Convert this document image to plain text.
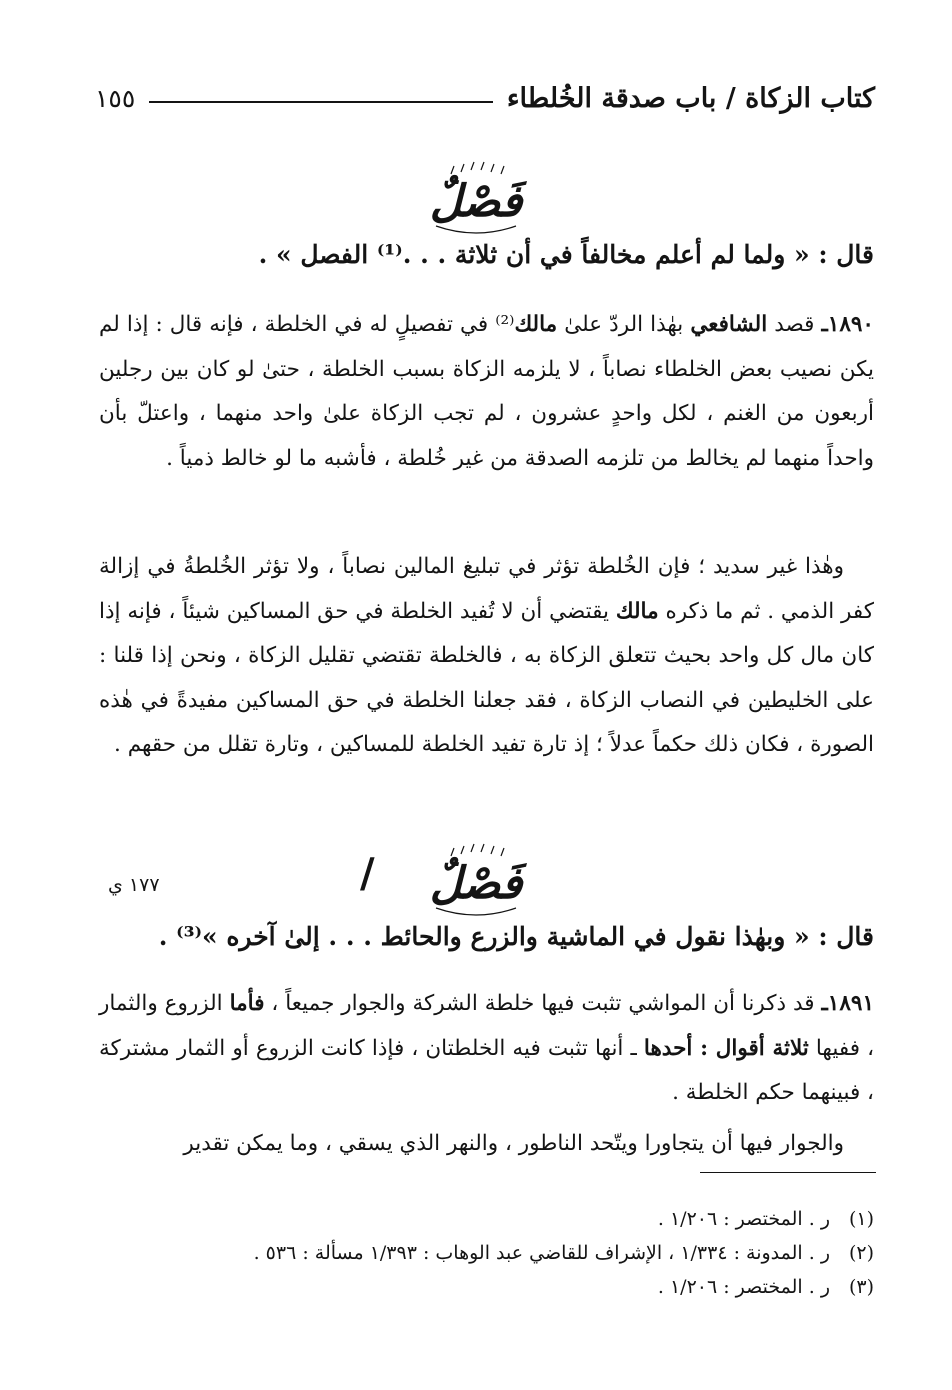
كتاب الزكاة / باب صدقة الخُلطاء
١٥٥
فَصْلٌ
قال : « ولما لم أعلم مخالفاً في أن ثلاثة . . .⁽¹⁾ الفصل » .

١٨٩٠ـ قصد الشافعي بهٰذا الردّ علىٰ مالك⁽²⁾ في تفصيلٍ له في الخلطة ، فإنه قال : إذا لم يكن نصيب بعض الخلطاء نصاباً ، لا يلزمه الزكاة بسبب الخلطة ، حتىٰ لو كان بين رجلين أربعون من الغنم ، لكل واحدٍ عشرون ، لم تجب الزكاة علىٰ واحد منهما ، واعتلّ بأن واحداً منهما لم يخالط من تلزمه الصدقة من غير خُلطة ، فأشبه ما لو خالط ذمياً .

وهٰذا غير سديد ؛ فإن الخُلطة تؤثر في تبليغ المالين نصاباً ، ولا تؤثر الخُلطةُ في إزالة كفر الذمي . ثم ما ذكره مالك يقتضي أن لا تُفيد الخلطة في حق المساكين شيئاً ، فإنه إذا كان مال كل واحد بحيث تتعلق الزكاة به ، فالخلطة تقتضي تقليل الزكاة ، ونحن إذا قلنا : على الخليطين في النصاب الزكاة ، فقد جعلنا الخلطة في حق المساكين مفيدةً في هٰذه الصورة ، فكان ذلك حكماً عدلاً ؛ إذ تارة تفيد الخلطة للمساكين ، وتارة تقلل من حقهم .

فَصْلٌ
/
١٧٧ ي
قال : « وبهٰذا نقول في الماشية والزرع والحائط . . . إلىٰ آخره »⁽³⁾ .

١٨٩١ـ قد ذكرنا أن المواشي تثبت فيها خلطة الشركة والجوار جميعاً ، فأما الزروع والثمار ، ففيها ثلاثة أقوال : أحدها ـ أنها تثبت فيه الخلطتان ، فإذا كانت الزروع أو الثمار مشتركة ، فبينهما حكم الخلطة .

والجوار فيها أن يتجاورا ويتّحد الناطور ، والنهر الذي يسقي ، وما يمكن تقدير

(١)ر . المختصر : ١/٢٠٦ .
(٢)ر . المدونة : ١/٣٣٤ ، الإشراف للقاضي عبد الوهاب : ١/٣٩٣ مسألة : ٥٣٦ .
(٣)ر . المختصر : ١/٢٠٦ .
